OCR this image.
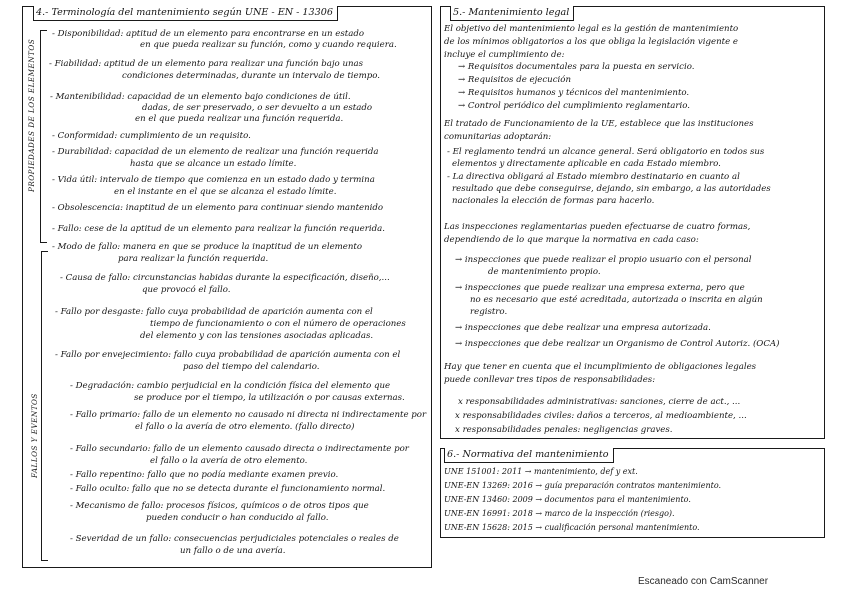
4.- Terminología del mantenimiento según UNE - EN - 13306
PROPIEDADES DE LOS ELEMENTOS
FALLOS Y EVENTOS
- Disponibilidad: aptitud de un elemento para encontrarse en un estado
en que pueda realizar su función, como y cuando requiera.
- Fiabilidad: aptitud de un elemento para realizar una función bajo unas
condiciones determinadas, durante un intervalo de tiempo.
- Mantenibilidad: capacidad de un elemento bajo condiciones de útil.
dadas, de ser preservado, o ser devuelto a un estado
en el que pueda realizar una función requerida.
- Conformidad: cumplimiento de un requisito.
- Durabilidad: capacidad de un elemento de realizar una función requerida
hasta que se alcance un estado límite.
- Vida útil: intervalo de tiempo que comienza en un estado dado y termina
en el instante en el que se alcanza el estado límite.
- Obsolescencia: inaptitud de un elemento para continuar siendo mantenido
- Fallo: cese de la aptitud de un elemento para realizar la función requerida.
- Modo de fallo: manera en que se produce la inaptitud de un elemento
para realizar la función requerida.
- Causa de fallo: circunstancias habidas durante la especificación, diseño,...
que provocó el fallo.
- Fallo por desgaste: fallo cuya probabilidad de aparición aumenta con el
tiempo de funcionamiento o con el número de operaciones
del elemento y con las tensiones asociadas aplicadas.
- Fallo por envejecimiento: fallo cuya probabilidad de aparición aumenta con el
paso del tiempo del calendario.
- Degradación: cambio perjudicial en la condición física del elemento que
se produce por el tiempo, la utilización o por causas externas.
- Fallo primario: fallo de un elemento no causado ni directa ni indirectamente por
el fallo o la avería de otro elemento. (fallo directo)
- Fallo secundario: fallo de un elemento causado directa o indirectamente por
el fallo o la avería de otro elemento.
- Fallo repentino: fallo que no podía mediante examen previo.
- Fallo oculto: fallo que no se detecta durante el funcionamiento normal.
- Mecanismo de fallo: procesos físicos, químicos o de otros tipos que
pueden conducir o han conducido al fallo.
- Severidad de un fallo: consecuencias perjudiciales potenciales o reales de
un fallo o de una avería.
5.- Mantenimiento legal
El objetivo del mantenimiento legal es la gestión de mantenimiento
de los mínimos obligatorios a los que obliga la legislación vigente e
incluye el cumplimiento de:
→ Requisitos documentales para la puesta en servicio.
→ Requisitos de ejecución
→ Requisitos humanos y técnicos del mantenimiento.
→ Control periódico del cumplimiento reglamentario.
El tratado de Funcionamiento de la UE, establece que las instituciones
comunitarias adoptarán:
- El reglamento tendrá un alcance general. Será obligatorio en todos sus
elementos y directamente aplicable en cada Estado miembro.
- La directiva obligará al Estado miembro destinatario en cuanto al
resultado que debe conseguirse, dejando, sin embargo, a las autoridades
nacionales la elección de formas para hacerlo.
Las inspecciones reglamentarias pueden efectuarse de cuatro formas,
dependiendo de lo que marque la normativa en cada caso:
→ inspecciones que puede realizar el propio usuario con el personal
de mantenimiento propio.
→ inspecciones que puede realizar una empresa externa, pero que
no es necesario que esté acreditada, autorizada o inscrita en algún
registro.
→ inspecciones que debe realizar una empresa autorizada.
→ inspecciones que debe realizar un Organismo de Control Autoriz. (OCA)
Hay que tener en cuenta que el incumplimiento de obligaciones legales
puede conllevar tres tipos de responsabilidades:
x responsabilidades administrativas: sanciones, cierre de act., ...
x responsabilidades civiles: daños a terceros, al medioambiente, ...
x responsabilidades penales: negligencias graves.
6.- Normativa del mantenimiento
UNE 151001: 2011 → mantenimiento, def y ext.
UNE-EN 13269: 2016 → guía preparación contratos mantenimiento.
UNE-EN 13460: 2009 → documentos para el mantenimiento.
UNE-EN 16991: 2018 → marco de la inspección (riesgo).
UNE-EN 15628: 2015 → cualificación personal mantenimiento.
Escaneado con CamScanner
